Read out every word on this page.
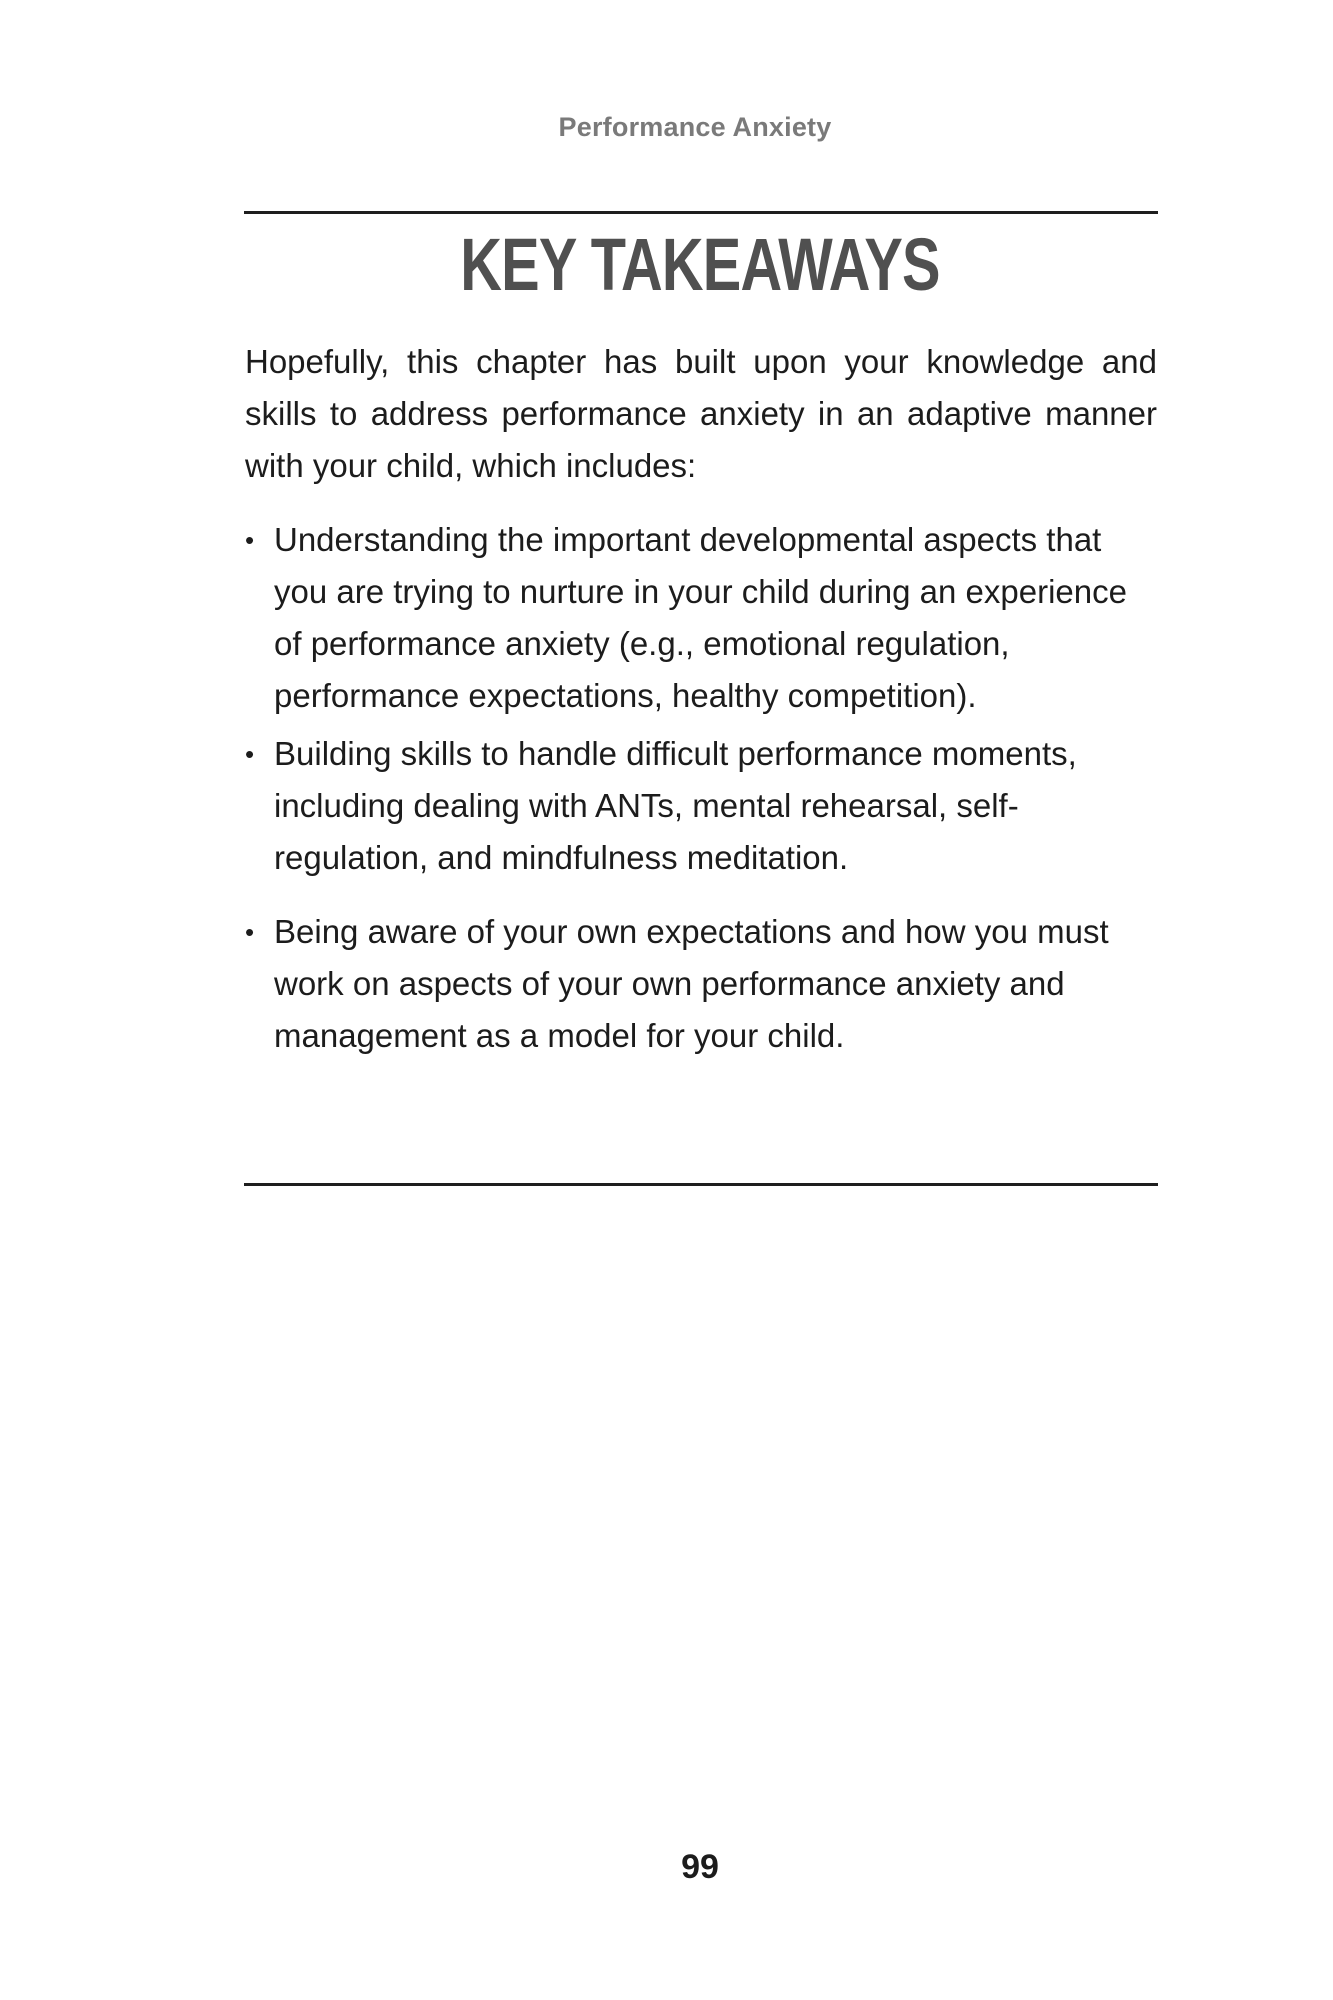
Performance Anxiety
KEY TAKEAWAYS

Hopefully, this chapter has built upon your knowledge and skills to address performance anxiety in an adaptive manner with your child, which includes:

• Understanding the important developmental aspects that you are trying to nurture in your child during an experience of performance anxiety (e.g., emotional regulation, performance expectations, healthy competition).
• Building skills to handle difficult performance moments, including dealing with ANTs, mental rehearsal, self-regulation, and mindfulness meditation.
• Being aware of your own expectations and how you must work on aspects of your own performance anxiety and management as a model for your child.
99
